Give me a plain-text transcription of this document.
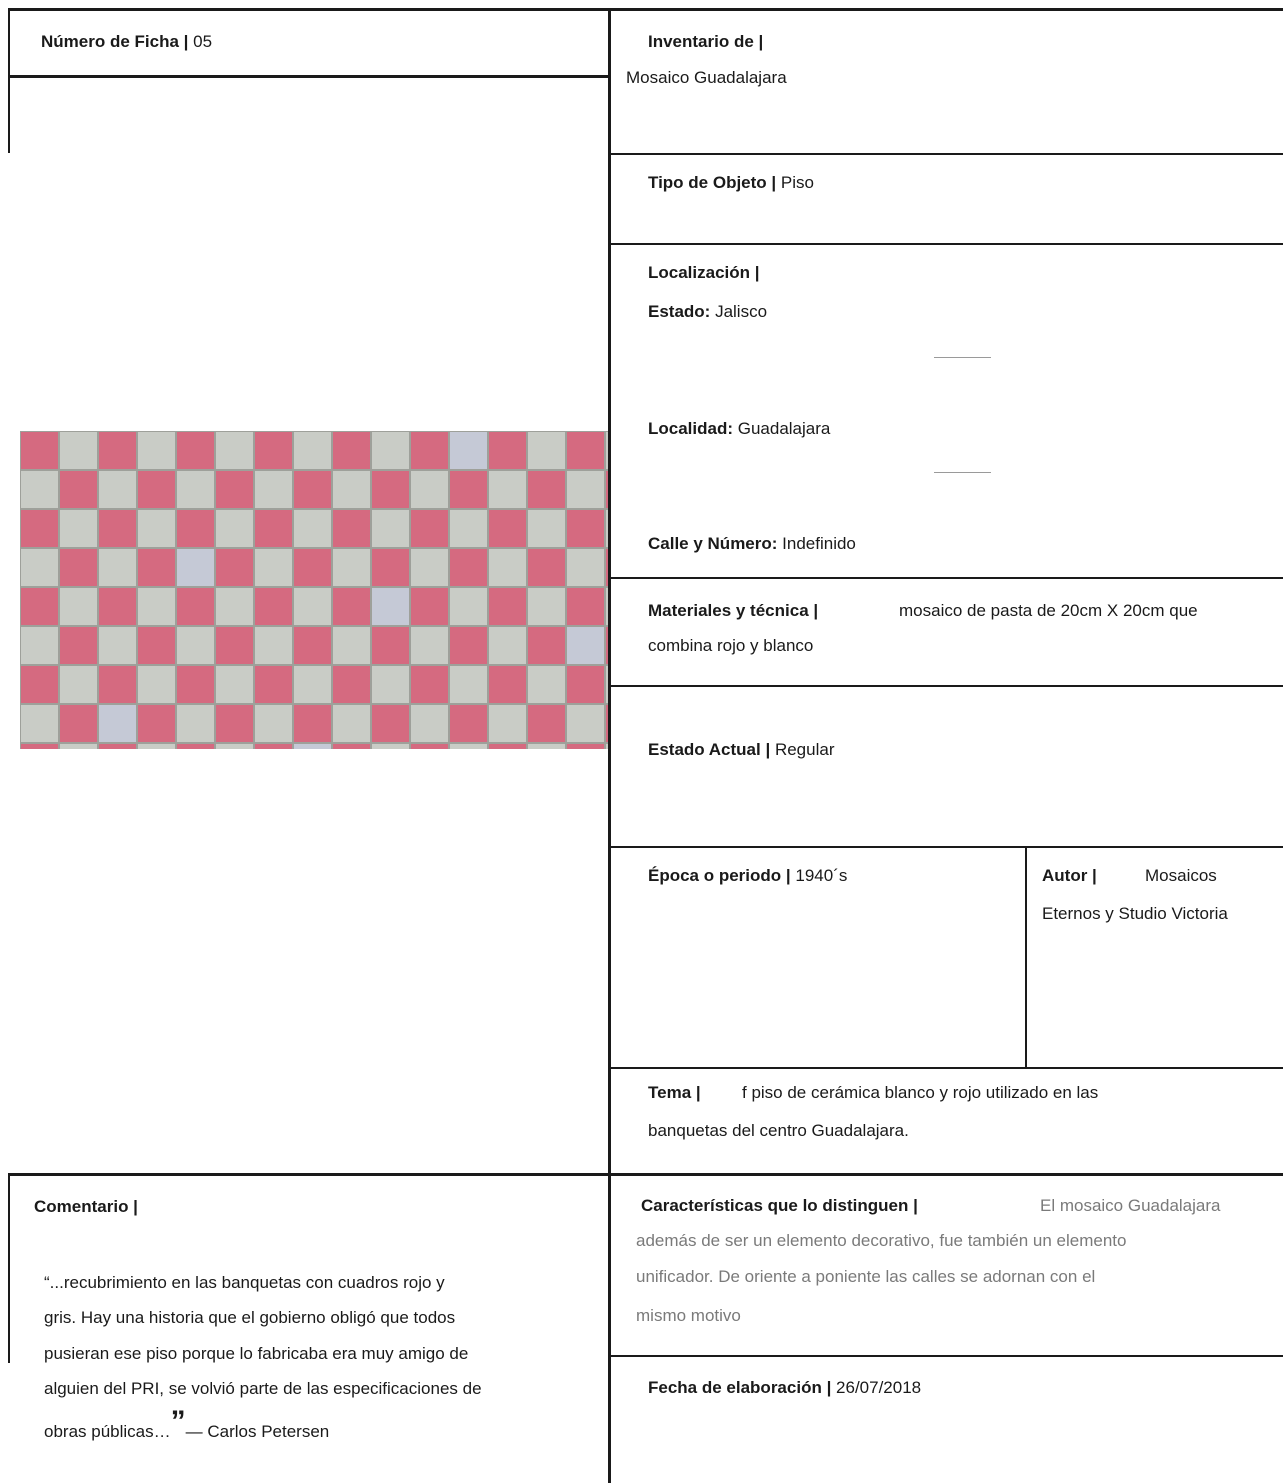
Número de Ficha | 05	Inventario de |
Mosaico Guadalajara
Tipo de Objeto | Piso
Localización |
Estado: Jalisco
Localidad: Guadalajara
Calle y Número: Indefinido
Materiales y técnica |	mosaico de pasta de 20cm X 20cm que
combina rojo y blanco
Estado Actual | Regular
Época o periodo | 1940´s	Autor |	Mosaicos
Eternos y Studio Victoria
Tema | f piso de cerámica blanco y rojo utilizado en las
banquetas del centro Guadalajara.
Comentario |
“...recubrimiento en las banquetas con cuadros rojo y
gris. Hay una historia que el gobierno obligó que todos
pusieran ese piso porque lo fabricaba era muy amigo de
alguien del PRI, se volvió parte de las especificaciones de
obras públicas…”— Carlos Petersen
Características que lo distinguen |	El mosaico Guadalajara
además de ser un elemento decorativo, fue también un elemento
unificador. De oriente a poniente las calles se adornan con el
mismo motivo
Fecha de elaboración | 26/07/2018
